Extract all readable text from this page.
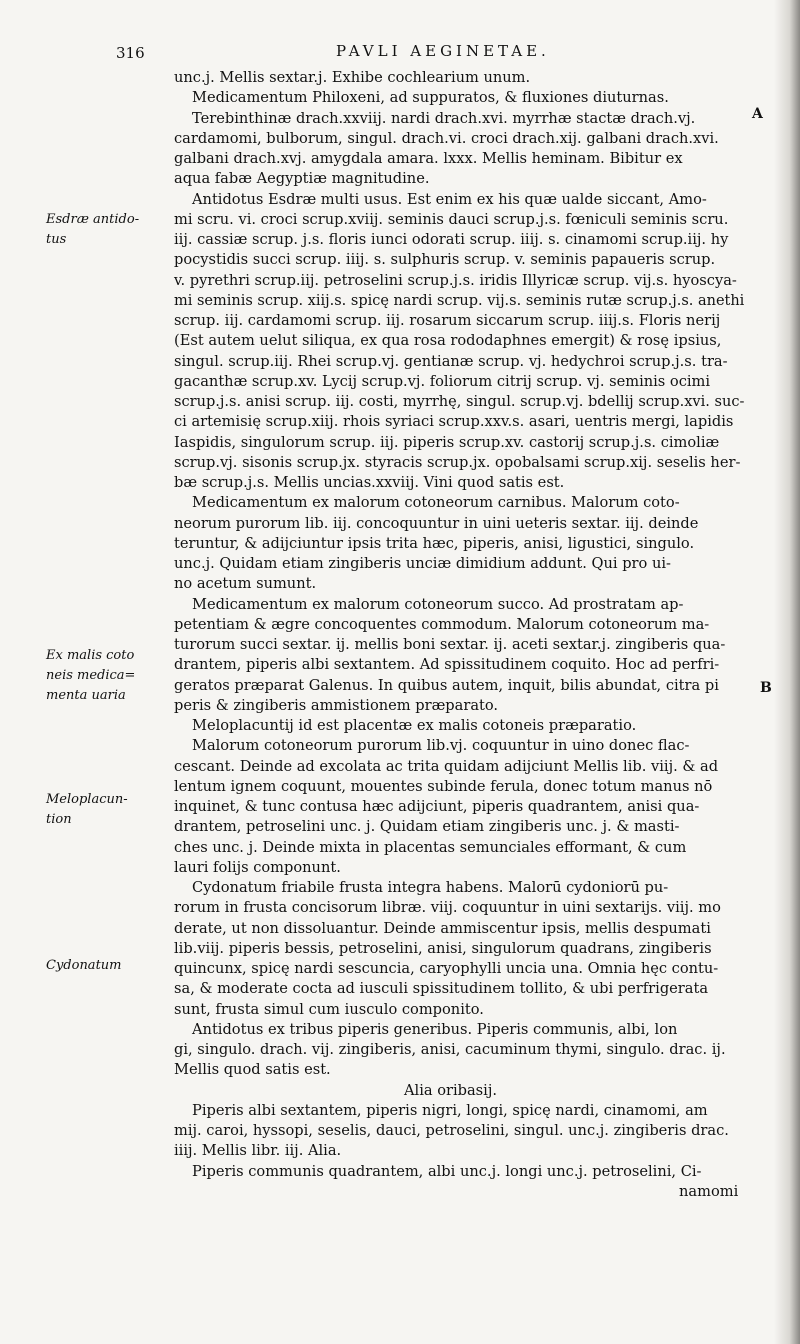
316	PAVLI AEGINETAE.
A
B
Esdræ antido-
tus
Ex malis coto
neis medica=
menta uaria
Meloplacun-
tion
Cydonatum
unc.j. Mellis sextar.j. Exhibe cochlearium unum.
Medicamentum Philoxeni, ad suppuratos, & fluxiones diuturnas.
Terebinthinæ drach.xxviij. nardi drach.xvi. myrrhæ stactæ drach.vj.
cardamomi, bulborum, singul. drach.vi. croci drach.xij. galbani drach.xvi.
galbani drach.xvj. amygdala amara. lxxx. Mellis heminam. Bibitur ex
aqua fabæ Aegyptiæ magnitudine.
Antidotus Esdræ multi usus. Est enim ex his quæ ualde siccant, Amo-
mi scru. vi. croci scrup.xviij. seminis dauci scrup.j.s. fœniculi seminis scru.
iij. cassiæ scrup. j.s. floris iunci odorati scrup. iiij. s. cinamomi scrup.iij. hy
pocystidis succi scrup. iiij. s. sulphuris scrup. v. seminis papaueris scrup.
v. pyrethri scrup.iij. petroselini scrup.j.s. iridis Illyricæ scrup. vij.s. hyoscya-
mi seminis scrup. xiij.s. spicę nardi scrup. vij.s. seminis rutæ scrup.j.s. anethi
scrup. iij. cardamomi scrup. iij. rosarum siccarum scrup. iiij.s. Floris nerij
(Est autem uelut siliqua, ex qua rosa rododaphnes emergit) & rosę ipsius,
singul. scrup.iij. Rhei scrup.vj. gentianæ scrup. vj. hedychroi scrup.j.s. tra-
gacanthæ scrup.xv. Lycij scrup.vj. foliorum citrij scrup. vj. seminis ocimi
scrup.j.s. anisi scrup. iij. costi, myrrhę, singul. scrup.vj. bdellij scrup.xvi. suc-
ci artemisię scrup.xiij. rhois syriaci scrup.xxv.s. asari, uentris mergi, lapidis
Iaspidis, singulorum scrup. iij. piperis scrup.xv. castorij scrup.j.s. cimoliæ
scrup.vj. sisonis scrup.jx. styracis scrup.jx. opobalsami scrup.xij. seselis her-
bæ scrup.j.s. Mellis uncias.xxviij. Vini quod satis est.
Medicamentum ex malorum cotoneorum carnibus. Malorum coto-
neorum purorum lib. iij. concoquuntur in uini ueteris sextar. iij. deinde
teruntur, & adijciuntur ipsis trita hæc, piperis, anisi, ligustici, singulo.
unc.j. Quidam etiam zingiberis unciæ dimidium addunt. Qui pro ui-
no acetum sumunt.
Medicamentum ex malorum cotoneorum succo. Ad prostratam ap-
petentiam & ægre concoquentes commodum. Malorum cotoneorum ma-
turorum succi sextar. ij. mellis boni sextar. ij. aceti sextar.j. zingiberis qua-
drantem, piperis albi sextantem. Ad spissitudinem coquito. Hoc ad perfri-
geratos præparat Galenus. In quibus autem, inquit, bilis abundat, citra pi
peris & zingiberis ammistionem præparato.
Meloplacuntij id est placentæ ex malis cotoneis præparatio.
Malorum cotoneorum purorum lib.vj. coquuntur in uino donec flac-
cescant. Deinde ad excolata ac trita quidam adijciunt Mellis lib. viij. & ad
lentum ignem coquunt, mouentes subinde ferula, donec totum manus nō
inquinet, & tunc contusa hæc adijciunt, piperis quadrantem, anisi qua-
drantem, petroselini unc. j. Quidam etiam zingiberis unc. j. & masti-
ches unc. j. Deinde mixta in placentas semunciales efformant, & cum
lauri folijs componunt.
Cydonatum friabile frusta integra habens. Malorū cydoniorū pu-
rorum in frusta concisorum libræ. viij. coquuntur in uini sextarijs. viij. mo
derate, ut non dissoluantur. Deinde ammiscentur ipsis, mellis despumati
lib.viij. piperis bessis, petroselini, anisi, singulorum quadrans, zingiberis
quincunx, spicę nardi sescuncia, caryophylli uncia una. Omnia hęc contu-
sa, & moderate cocta ad iusculi spissitudinem tollito, & ubi perfrigerata
sunt, frusta simul cum iusculo componito.
Antidotus ex tribus piperis generibus. Piperis communis, albi, lon
gi, singulo. drach. vij. zingiberis, anisi, cacuminum thymi, singulo. drac. ij.
Mellis quod satis est.
Alia oribasij.
Piperis albi sextantem, piperis nigri, longi, spicę nardi, cinamomi, am
mij. caroi, hyssopi, seselis, dauci, petroselini, singul. unc.j. zingiberis drac.
iiij. Mellis libr. iij. Alia.
Piperis communis quadrantem, albi unc.j. longi unc.j. petroselini, Ci-
namomi
